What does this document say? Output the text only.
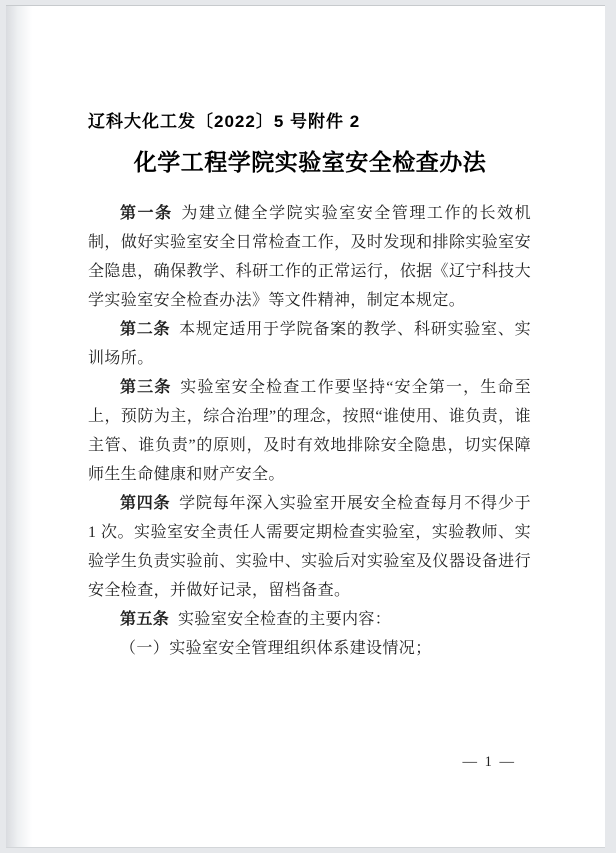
辽科大化工发〔2022〕5 号附件 2
化学工程学院实验室安全检查办法

第一条 为建立健全学院实验室安全管理工作的长效机制，做好实验室安全日常检查工作，及时发现和排除实验室安全隐患，确保教学、科研工作的正常运行，依据《辽宁科技大学实验室安全检查办法》等文件精神，制定本规定。

第二条 本规定适用于学院备案的教学、科研实验室、实训场所。

第三条 实验室安全检查工作要坚持“安全第一，生命至上，预防为主，综合治理”的理念，按照“谁使用、谁负责，谁主管、谁负责”的原则，及时有效地排除安全隐患，切实保障师生生命健康和财产安全。

第四条 学院每年深入实验室开展安全检查每月不得少于 1 次。实验室安全责任人需要定期检查实验室，实验教师、实验学生负责实验前、实验中、实验后对实验室及仪器设备进行安全检查，并做好记录，留档备查。

第五条 实验室安全检查的主要内容：

（一）实验室安全管理组织体系建设情况；

— 1 —
